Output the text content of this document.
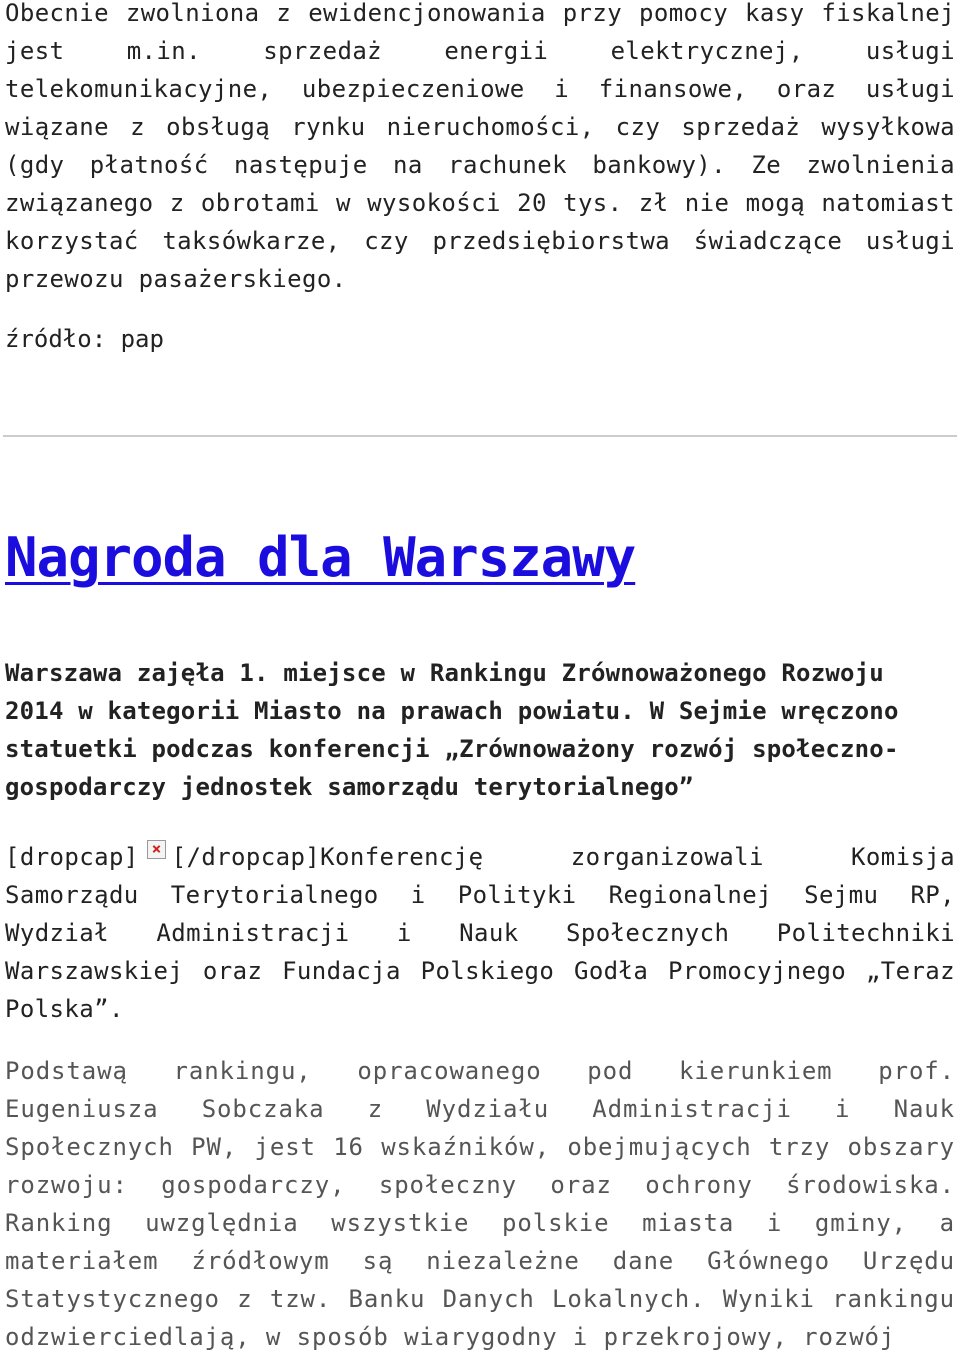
Obecnie zwolniona z ewidencjonowania przy pomocy kasy fiskalnej jest m.in. sprzedaż energii elektrycznej, usługi telekomunikacyjne, ubezpieczeniowe i finansowe, oraz usługi wiązane z obsługą rynku nieruchomości, czy sprzedaż wysyłkowa (gdy płatność następuje na rachunek bankowy). Ze zwolnienia związanego z obrotami w wysokości 20 tys. zł nie mogą natomiast korzystać taksówkarze, czy przedsiębiorstwa świadczące usługi przewozu pasażerskiego.

źródło: pap

Nagroda dla Warszawy

Warszawa zajęła 1. miejsce w Rankingu Zrównoważonego Rozwoju 2014 w kategorii Miasto na prawach powiatu. W Sejmie wręczono statuetki podczas konferencji „Zrównoważony rozwój społeczno-gospodarczy jednostek samorządu terytorialnego”

[dropcap] [/dropcap]Konferencję zorganizowali Komisja Samorządu Terytorialnego i Polityki Regionalnej Sejmu RP, Wydział Administracji i Nauk Społecznych Politechniki Warszawskiej oraz Fundacja Polskiego Godła Promocyjnego „Teraz Polska”.

Podstawą rankingu, opracowanego pod kierunkiem prof. Eugeniusza Sobczaka z Wydziału Administracji i Nauk Społecznych PW, jest 16 wskaźników, obejmujących trzy obszary rozwoju: gospodarczy, społeczny oraz ochrony środowiska. Ranking uwzględnia wszystkie polskie miasta i gminy, a materiałem źródłowym są niezależne dane Głównego Urzędu Statystycznego z tzw. Banku Danych Lokalnych. Wyniki rankingu odzwierciedlają, w sposób wiarygodny i przekrojowy, rozwój
